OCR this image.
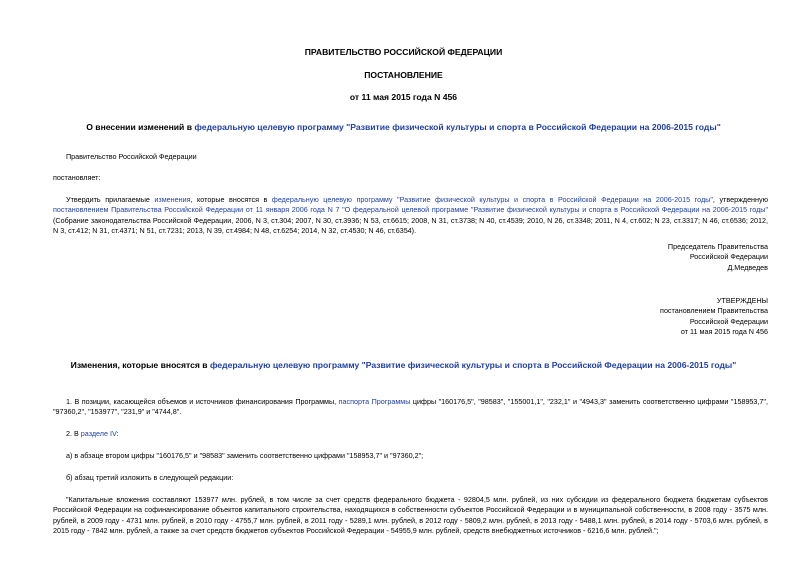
ПРАВИТЕЛЬСТВО РОССИЙСКОЙ ФЕДЕРАЦИИ
ПОСТАНОВЛЕНИЕ
от 11 мая 2015 года N 456
О внесении изменений в федеральную целевую программу "Развитие физической культуры и спорта в Российской Федерации на 2006-2015 годы"
Правительство Российской Федерации
постановляет:
Утвердить прилагаемые изменения, которые вносятся в федеральную целевую программу "Развитие физической культуры и спорта в Российской Федерации на 2006-2015 годы", утвержденную постановлением Правительства Российской Федерации от 11 января 2006 года N 7 "О федеральной целевой программе "Развитие физической культуры и спорта в Российской Федерации на 2006-2015 годы" (Собрание законодательства Российской Федерации, 2006, N 3, ст.304; 2007, N 30, ст.3936; N 53, ст.6615; 2008, N 31, ст.3738; N 40, ст.4539; 2010, N 26, ст.3348; 2011, N 4, ст.602; N 23, ст.3317; N 46, ст.6536; 2012, N 3, ст.412; N 31, ст.4371; N 51, ст.7231; 2013, N 39, ст.4984; N 48, ст.6254; 2014, N 32, ст.4530; N 46, ст.6354).
Председатель Правительства
Российской Федерации
Д.Медведев
УТВЕРЖДЕНЫ
постановлением Правительства
Российской Федерации
от 11 мая 2015 года N 456
Изменения, которые вносятся в федеральную целевую программу "Развитие физической культуры и спорта в Российской Федерации на 2006-2015 годы"
1. В позиции, касающейся объемов и источников финансирования Программы, паспорта Программы цифры "160176,5", "98583", "155001,1", "232,1" и "4943,3" заменить соответственно цифрами "158953,7", "97360,2", "153977", "231,9" и "4744,8".
2. В разделе IV:
а) в абзаце втором цифры "160176,5" и "98583" заменить соответственно цифрами "158953,7" и "97360,2";
б) абзац третий изложить в следующей редакции:
"Капитальные вложения составляют 153977 млн. рублей, в том числе за счет средств федерального бюджета - 92804,5 млн. рублей, из них субсидии из федерального бюджета бюджетам субъектов Российской Федерации на софинансирование объектов капитального строительства, находящихся в собственности субъектов Российской Федерации и в муниципальной собственности, в 2008 году - 3575 млн. рублей, в 2009 году - 4731 млн. рублей, в 2010 году - 4755,7 млн. рублей, в 2011 году - 5289,1 млн. рублей, в 2012 году - 5809,2 млн. рублей, в 2013 году - 5488,1 млн. рублей, в 2014 году - 5703,6 млн. рублей, в 2015 году - 7842 млн. рублей, а также за счет средств бюджетов субъектов Российской Федерации - 54955,9 млн. рублей, средств внебюджетных источников - 6216,6 млн. рублей.";
